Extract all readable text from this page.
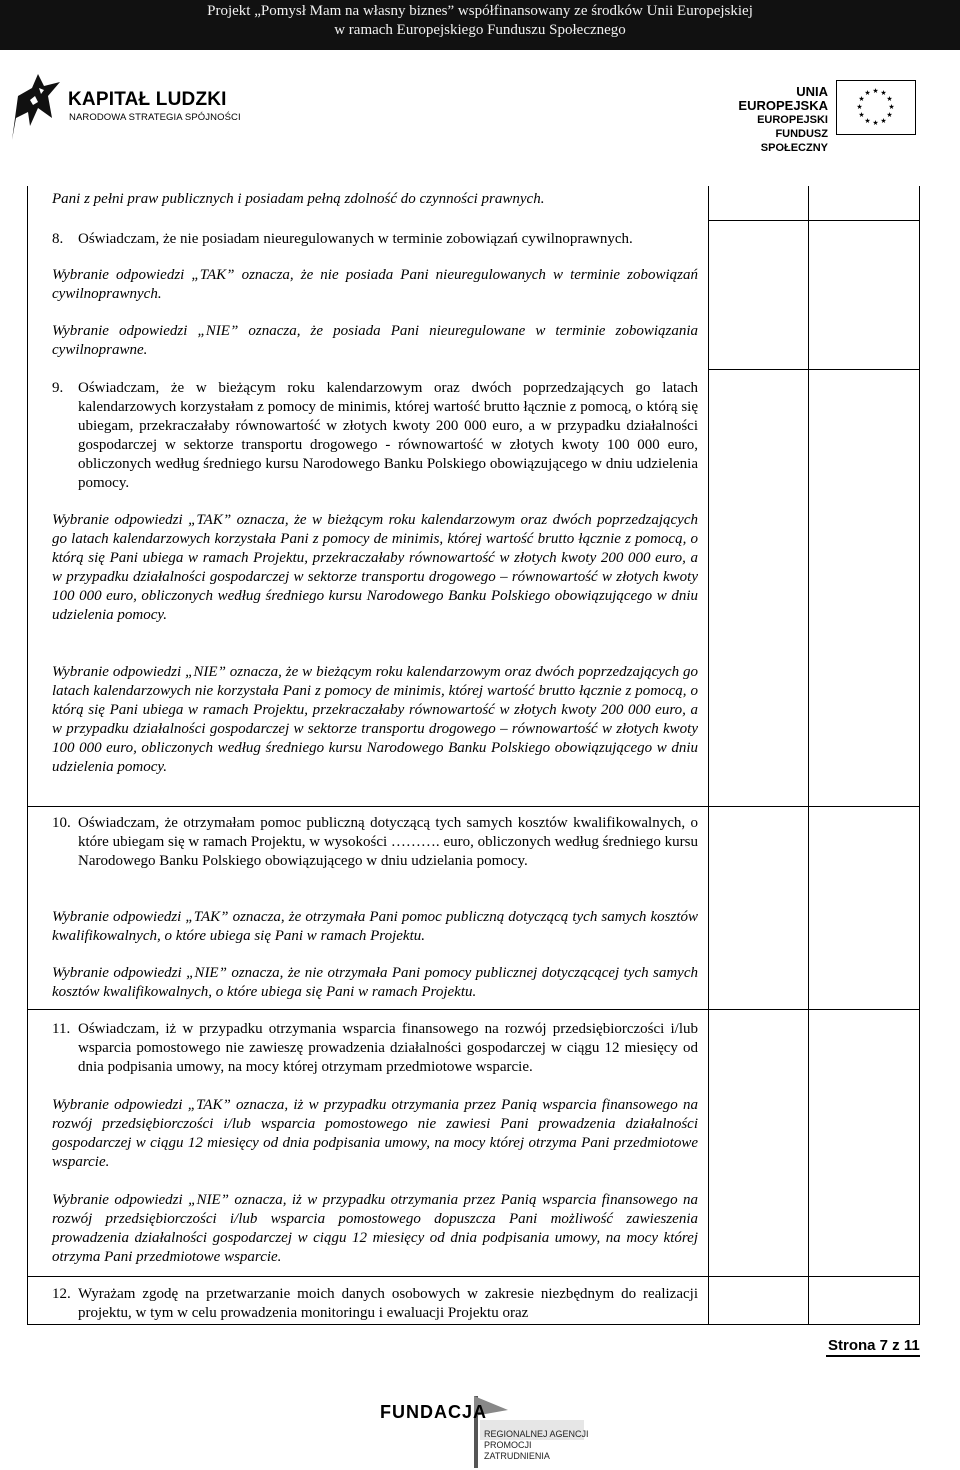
Projekt „Pomysł Mam na własny biznes” współfinansowany ze środków Unii Europejskiej
w ramach Europejskiego Funduszu Społecznego
KAPITAŁ LUDZKI
NARODOWA STRATEGIA SPÓJNOŚCI
UNIA EUROPEJSKA
EUROPEJSKI
FUNDUSZ SPOŁECZNY
★ ★
★
★
★
★
★
★
★
★
★
★

Pani z pełni praw publicznych i posiadam pełną zdolność do czynności prawnych.

8. Oświadczam, że nie posiadam nieuregulowanych w terminie zobowiązań cywilnoprawnych.

Wybranie odpowiedzi „TAK” oznacza, że nie posiada Pani nieuregulowanych w terminie zobowiązań cywilnoprawnych.

Wybranie odpowiedzi „NIE” oznacza, że posiada Pani nieuregulowane w terminie zobowiązania cywilnoprawne.

9. Oświadczam, że w bieżącym roku kalendarzowym oraz dwóch poprzedzających go latach kalendarzowych korzystałam z pomocy de minimis, której wartość brutto łącznie z pomocą, o którą się ubiegam, przekraczałaby równowartość w złotych kwoty 200 000 euro, a w przypadku działalności gospodarczej w sektorze transportu drogowego - równowartość w złotych kwoty 100 000 euro, obliczonych według średniego kursu Narodowego Banku Polskiego obowiązującego w dniu udzielenia pomocy.

Wybranie odpowiedzi „TAK” oznacza, że w bieżącym roku kalendarzowym oraz dwóch poprzedzających go latach kalendarzowych korzystała Pani z pomocy de minimis, której wartość brutto łącznie z pomocą, o którą się Pani ubiega w ramach Projektu, przekraczałaby równowartość w złotych kwoty 200 000 euro, a w przypadku działalności gospodarczej w sektorze transportu drogowego – równowartość w złotych kwoty 100 000 euro, obliczonych według średniego kursu Narodowego Banku Polskiego obowiązującego w dniu udzielenia pomocy.

Wybranie odpowiedzi „NIE” oznacza, że w bieżącym roku kalendarzowym oraz dwóch poprzedzających go latach kalendarzowych nie korzystała Pani z pomocy de minimis, której wartość brutto łącznie z pomocą, o którą się Pani ubiega w ramach Projektu, przekraczałaby równowartość w złotych kwoty 200 000 euro, a w przypadku działalności gospodarczej w sektorze transportu drogowego – równowartość w złotych kwoty 100 000 euro, obliczonych według średniego kursu Narodowego Banku Polskiego obowiązującego w dniu udzielenia pomocy.

10. Oświadczam, że otrzymałam pomoc publiczną dotyczącą tych samych kosztów kwalifikowalnych, o które ubiegam się w ramach Projektu, w wysokości ………. euro, obliczonych według średniego kursu Narodowego Banku Polskiego obowiązującego w dniu udzielania pomocy.

Wybranie odpowiedzi „TAK” oznacza, że otrzymała Pani pomoc publiczną dotyczącą tych samych kosztów kwalifikowalnych, o które ubiega się Pani w ramach Projektu.

Wybranie odpowiedzi „NIE” oznacza, że nie otrzymała Pani pomocy publicznej dotyczącącej tych samych kosztów kwalifikowalnych, o które ubiega się Pani w ramach Projektu.

11. Oświadczam, iż w przypadku otrzymania wsparcia finansowego na rozwój przedsiębiorczości i/lub wsparcia pomostowego nie zawieszę prowadzenia działalności gospodarczej w ciągu 12 miesięcy od dnia podpisania umowy, na mocy której otrzymam przedmiotowe wsparcie.

Wybranie odpowiedzi „TAK” oznacza, iż w przypadku otrzymania przez Panią wsparcia finansowego na rozwój przedsiębiorczości i/lub wsparcia pomostowego nie zawiesi Pani prowadzenia działalności gospodarczej w ciągu 12 miesięcy od dnia podpisania umowy, na mocy której otrzyma Pani przedmiotowe wsparcie.

Wybranie odpowiedzi „NIE” oznacza, iż w przypadku otrzymania przez Panią wsparcia finansowego na rozwój przedsiębiorczości i/lub wsparcia pomostowego dopuszcza Pani możliwość zawieszenia prowadzenia działalności gospodarczej w ciągu 12 miesięcy od dnia podpisania umowy, na mocy której otrzyma Pani przedmiotowe wsparcie.

12. Wyrażam zgodę na przetwarzanie moich danych osobowych w zakresie niezbędnym do realizacji projektu, w tym w celu prowadzenia monitoringu i ewaluacji Projektu oraz
Strona 7 z 11
FUNDACJA
REGIONALNEJ AGENCJI
PROMOCJI ZATRUDNIENIA
